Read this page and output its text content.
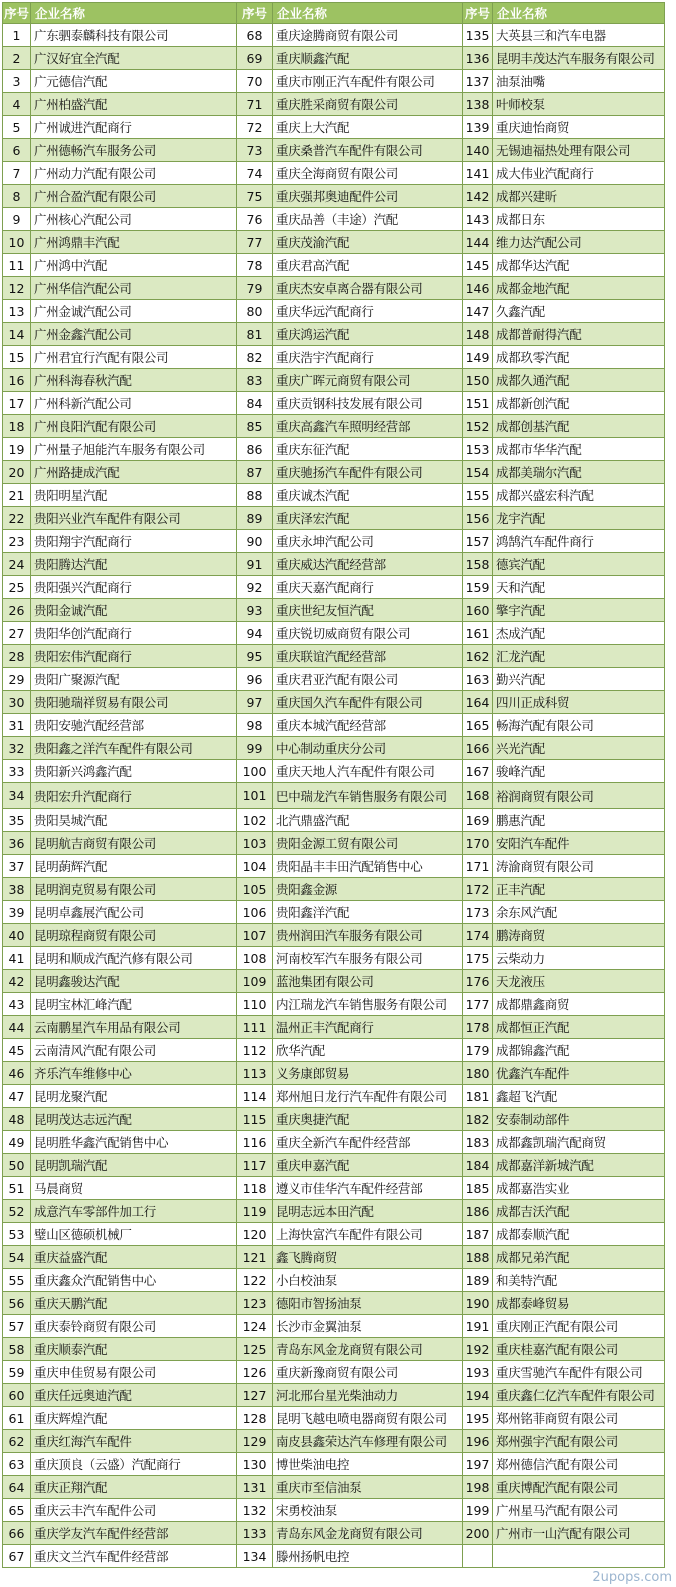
序号	企业名称	序号	企业名称	序号	企业名称
1	广东驷泰麟科技有限公司	68	重庆途腾商贸有限公司	135	大英县三和汽车电器
2	广汉好宜全汽配	69	重庆顺鑫汽配	136	昆明丰茂达汽车服务有限公司
3	广元德信汽配	70	重庆市刚正汽车配件有限公司	137	油泵油嘴
4	广州柏盛汽配	71	重庆胜采商贸有限公司	138	叶师校泵
5	广州诚进汽配商行	72	重庆上大汽配	139	重庆迪怡商贸
6	广州德畅汽车服务公司	73	重庆桑普汽车配件有限公司	140	无锡迪福热处理有限公司
7	广州动力汽配有限公司	74	重庆全海商贸有限公司	141	成大伟业汽配商行
8	广州合盈汽配有限公司	75	重庆强邦奥迪配件公司	142	成都兴建昕
9	广州核心汽配公司	76	重庆品善（丰途）汽配	143	成都日东
10	广州鸿鼎丰汽配	77	重庆茂渝汽配	144	维力达汽配公司
11	广州鸿中汽配	78	重庆君高汽配	145	成都华达汽配
12	广州华信汽配公司	79	重庆杰安卓离合器有限公司	146	成都金地汽配
13	广州金诚汽配公司	80	重庆华远汽配商行	147	久鑫汽配
14	广州金鑫汽配公司	81	重庆鸿运汽配	148	成都普耐得汽配
15	广州君宜行汽配有限公司	82	重庆浩宇汽配商行	149	成都玖零汽配
16	广州科海春秋汽配	83	重庆广晖元商贸有限公司	150	成都久通汽配
17	广州科新汽配公司	84	重庆贡钢科技发展有限公司	151	成都新创汽配
18	广州良阳汽配有限公司	85	重庆高鑫汽车照明经营部	152	成都创基汽配
19	广州量子旭能汽车服务有限公司	86	重庆东征汽配	153	成都市华华汽配
20	广州路捷成汽配	87	重庆驰扬汽车配件有限公司	154	成都美瑞尔汽配
21	贵阳明星汽配	88	重庆诚杰汽配	155	成都兴盛宏科汽配
22	贵阳兴业汽车配件有限公司	89	重庆泽宏汽配	156	龙宇汽配
23	贵阳翔宇汽配商行	90	重庆永坤汽配公司	157	鸿鹄汽车配件商行
24	贵阳腾达汽配	91	重庆威达汽配经营部	158	德宾汽配
25	贵阳强兴汽配商行	92	重庆天嘉汽配商行	159	天和汽配
26	贵阳金诚汽配	93	重庆世纪友恒汽配	160	擎宇汽配
27	贵阳华创汽配商行	94	重庆锐切威商贸有限公司	161	杰成汽配
28	贵阳宏伟汽配商行	95	重庆联谊汽配经营部	162	汇龙汽配
29	贵阳广聚源汽配	96	重庆君亚汽配有限公司	163	勤兴汽配
30	贵阳驰瑞祥贸易有限公司	97	重庆国久汽车配件有限公司	164	四川正成科贸
31	贵阳安驰汽配经营部	98	重庆本城汽配经营部	165	畅海汽配有限公司
32	贵阳鑫之洋汽车配件有限公司	99	中心制动重庆分公司	166	兴光汽配
33	贵阳新兴鸿鑫汽配	100	重庆天地人汽车配件有限公司	167	骏峰汽配
34	贵阳宏升汽配商行	101	巴中瑞龙汽车销售服务有限公司	168	裕润商贸有限公司
35	贵阳昊城汽配	102	北汽鼎盛汽配	169	鹏惠汽配
36	昆明航吉商贸有限公司	103	贵阳金源工贸有限公司	170	安阳汽车配件
37	昆明蓢辉汽配	104	贵阳晶丰丰田汽配销售中心	171	涛渝商贸有限公司
38	昆明润克贸易有限公司	105	贵阳鑫金源	172	正丰汽配
39	昆明卓鑫展汽配公司	106	贵阳鑫洋汽配	173	余东风汽配
40	昆明琼程商贸有限公司	107	贵州润田汽车服务有限公司	174	鹏涛商贸
41	昆明和顺成汽配汽修有限公司	108	河南校军汽车服务有限公司	175	云柴动力
42	昆明鑫骏达汽配	109	蓝池集团有限公司	176	天龙液压
43	昆明宝林汇峰汽配	110	内江瑞龙汽车销售服务有限公司	177	成都鼎鑫商贸
44	云南鹏星汽车用品有限公司	111	温州正丰汽配商行	178	成都恒正汽配
45	云南清风汽配有限公司	112	欣华汽配	179	成都锦鑫汽配
46	齐乐汽车维修中心	113	义务康郎贸易	180	优鑫汽车配件
47	昆明龙聚汽配	114	郑州旭日龙行汽车配件有限公司	181	鑫超飞汽配
48	昆明茂达志远汽配	115	重庆奥捷汽配	182	安泰制动部件
49	昆明胜华鑫汽配销售中心	116	重庆全新汽车配件经营部	183	成都鑫凯瑞汽配商贸
50	昆明凯瑞汽配	117	重庆申嘉汽配	184	成都嘉洋新城汽配
51	马晨商贸	118	遵义市佳华汽车配件经营部	185	成都嘉浩实业
52	成意汽车零部件加工行	119	昆明志远本田汽配	186	成都吉沃汽配
53	璧山区德硕机械厂	120	上海快富汽车配件有限公司	187	成都泰顺汽配
54	重庆益盛汽配	121	鑫飞腾商贸	188	成都兄弟汽配
55	重庆鑫众汽配销售中心	122	小白校油泵	189	和美特汽配
56	重庆天鹏汽配	123	德阳市智扬油泵	190	成都泰峰贸易
57	重庆泰铃商贸有限公司	124	长沙市金翼油泵	191	重庆刚正汽配有限公司
58	重庆顺泰汽配	125	青岛东风金龙商贸有限公司	192	重庆桂嘉汽配有限公司
59	重庆申佳贸易有限公司	126	重庆新豫商贸有限公司	193	重庆雪驰汽车配件有限公司
60	重庆任远奥迪汽配	127	河北邢台星光柴油动力	194	重庆鑫仁亿汽车配件有限公司
61	重庆辉煌汽配	128	昆明飞越电喷电器商贸有限公司	195	郑州铭菲商贸有限公司
62	重庆红海汽车配件	129	南皮县鑫荣达汽车修理有限公司	196	郑州强宇汽配有限公司
63	重庆顶良（云盛）汽配商行	130	博世柴油电控	197	郑州德信汽配有限公司
64	重庆正翔汽配	131	重庆市至信油泵	198	重庆博配汽配有限公司
65	重庆云丰汽车配件公司	132	宋勇校油泵	199	广州星马汽配有限公司
66	重庆学友汽车配件经营部	133	青岛东风金龙商贸有限公司	200	广州市一山汽配有限公司
67	重庆文兰汽车配件经营部	134	滕州扬帆电控		
2upops.com
